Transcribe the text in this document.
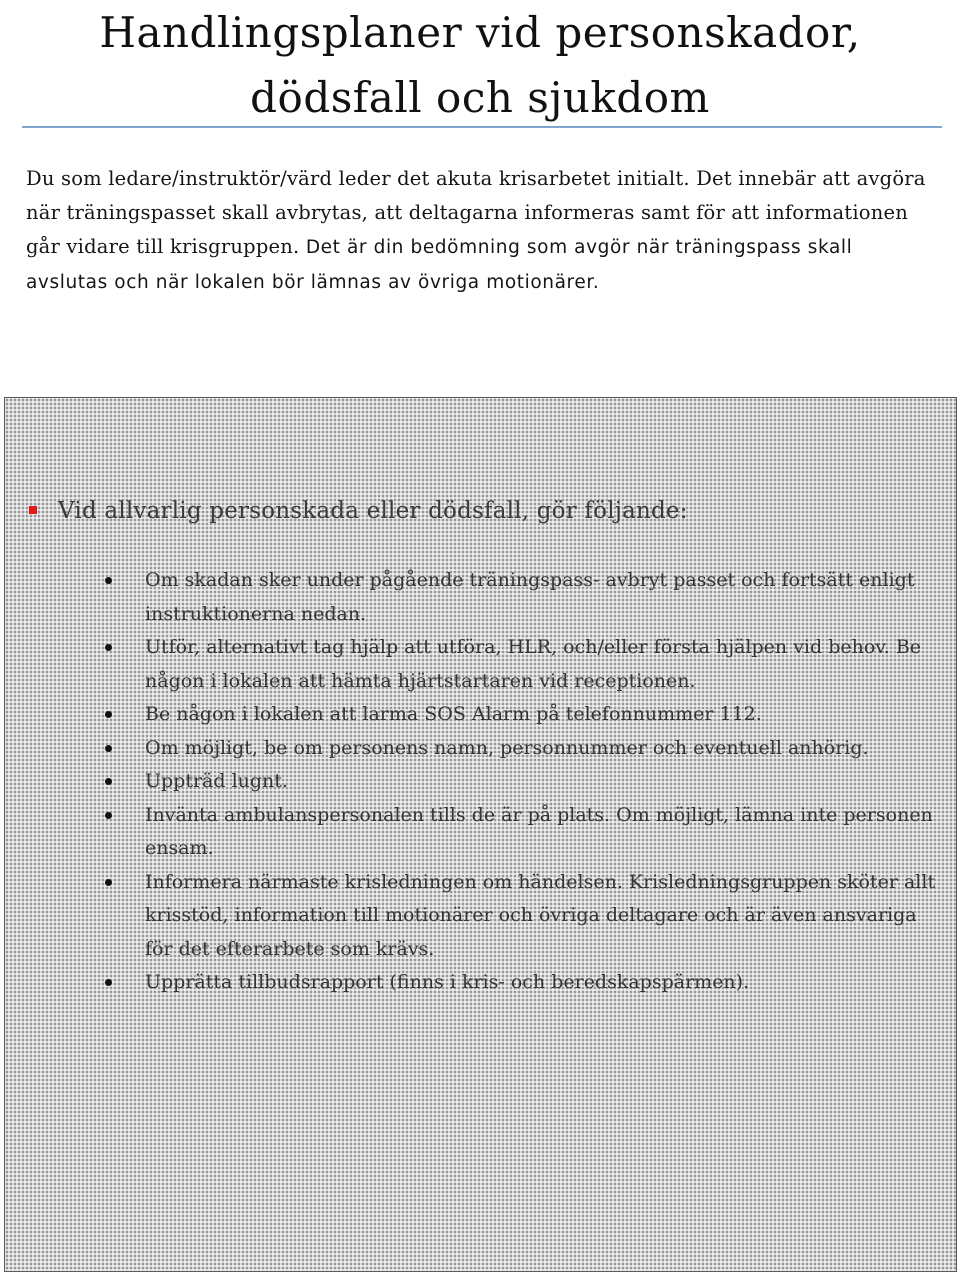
Handlingsplaner vid personskador,
dödsfall och sjukdom

Du som ledare/instruktör/värd leder det akuta krisarbetet initialt. Det innebär att avgöra när träningspasset skall avbrytas, att deltagarna informeras samt för att informationen går vidare till krisgruppen. Det är din bedömning som avgör när träningspass skall avslutas och när lokalen bör lämnas av övriga motionärer.

Vid allvarlig personskada eller dödsfall, gör följande:
Om skadan sker under pågående träningspass- avbryt passet och fortsätt enligt instruktionerna nedan.
Utför, alternativt tag hjälp att utföra, HLR, och/eller första hjälpen vid behov. Be någon i lokalen att hämta hjärtstartaren vid receptionen.
Be någon i lokalen att larma SOS Alarm på telefonnummer 112.
Om möjligt, be om personens namn, personnummer och eventuell anhörig.
Uppträd lugnt.
Invänta ambulanspersonalen tills de är på plats. Om möjligt, lämna inte personen ensam.
Informera närmaste krisledningen om händelsen. Krisledningsgruppen sköter allt krisstöd, information till motionärer och övriga deltagare och är även ansvariga för det efterarbete som krävs.
Upprätta tillbudsrapport (finns i kris- och beredskapspärmen).
